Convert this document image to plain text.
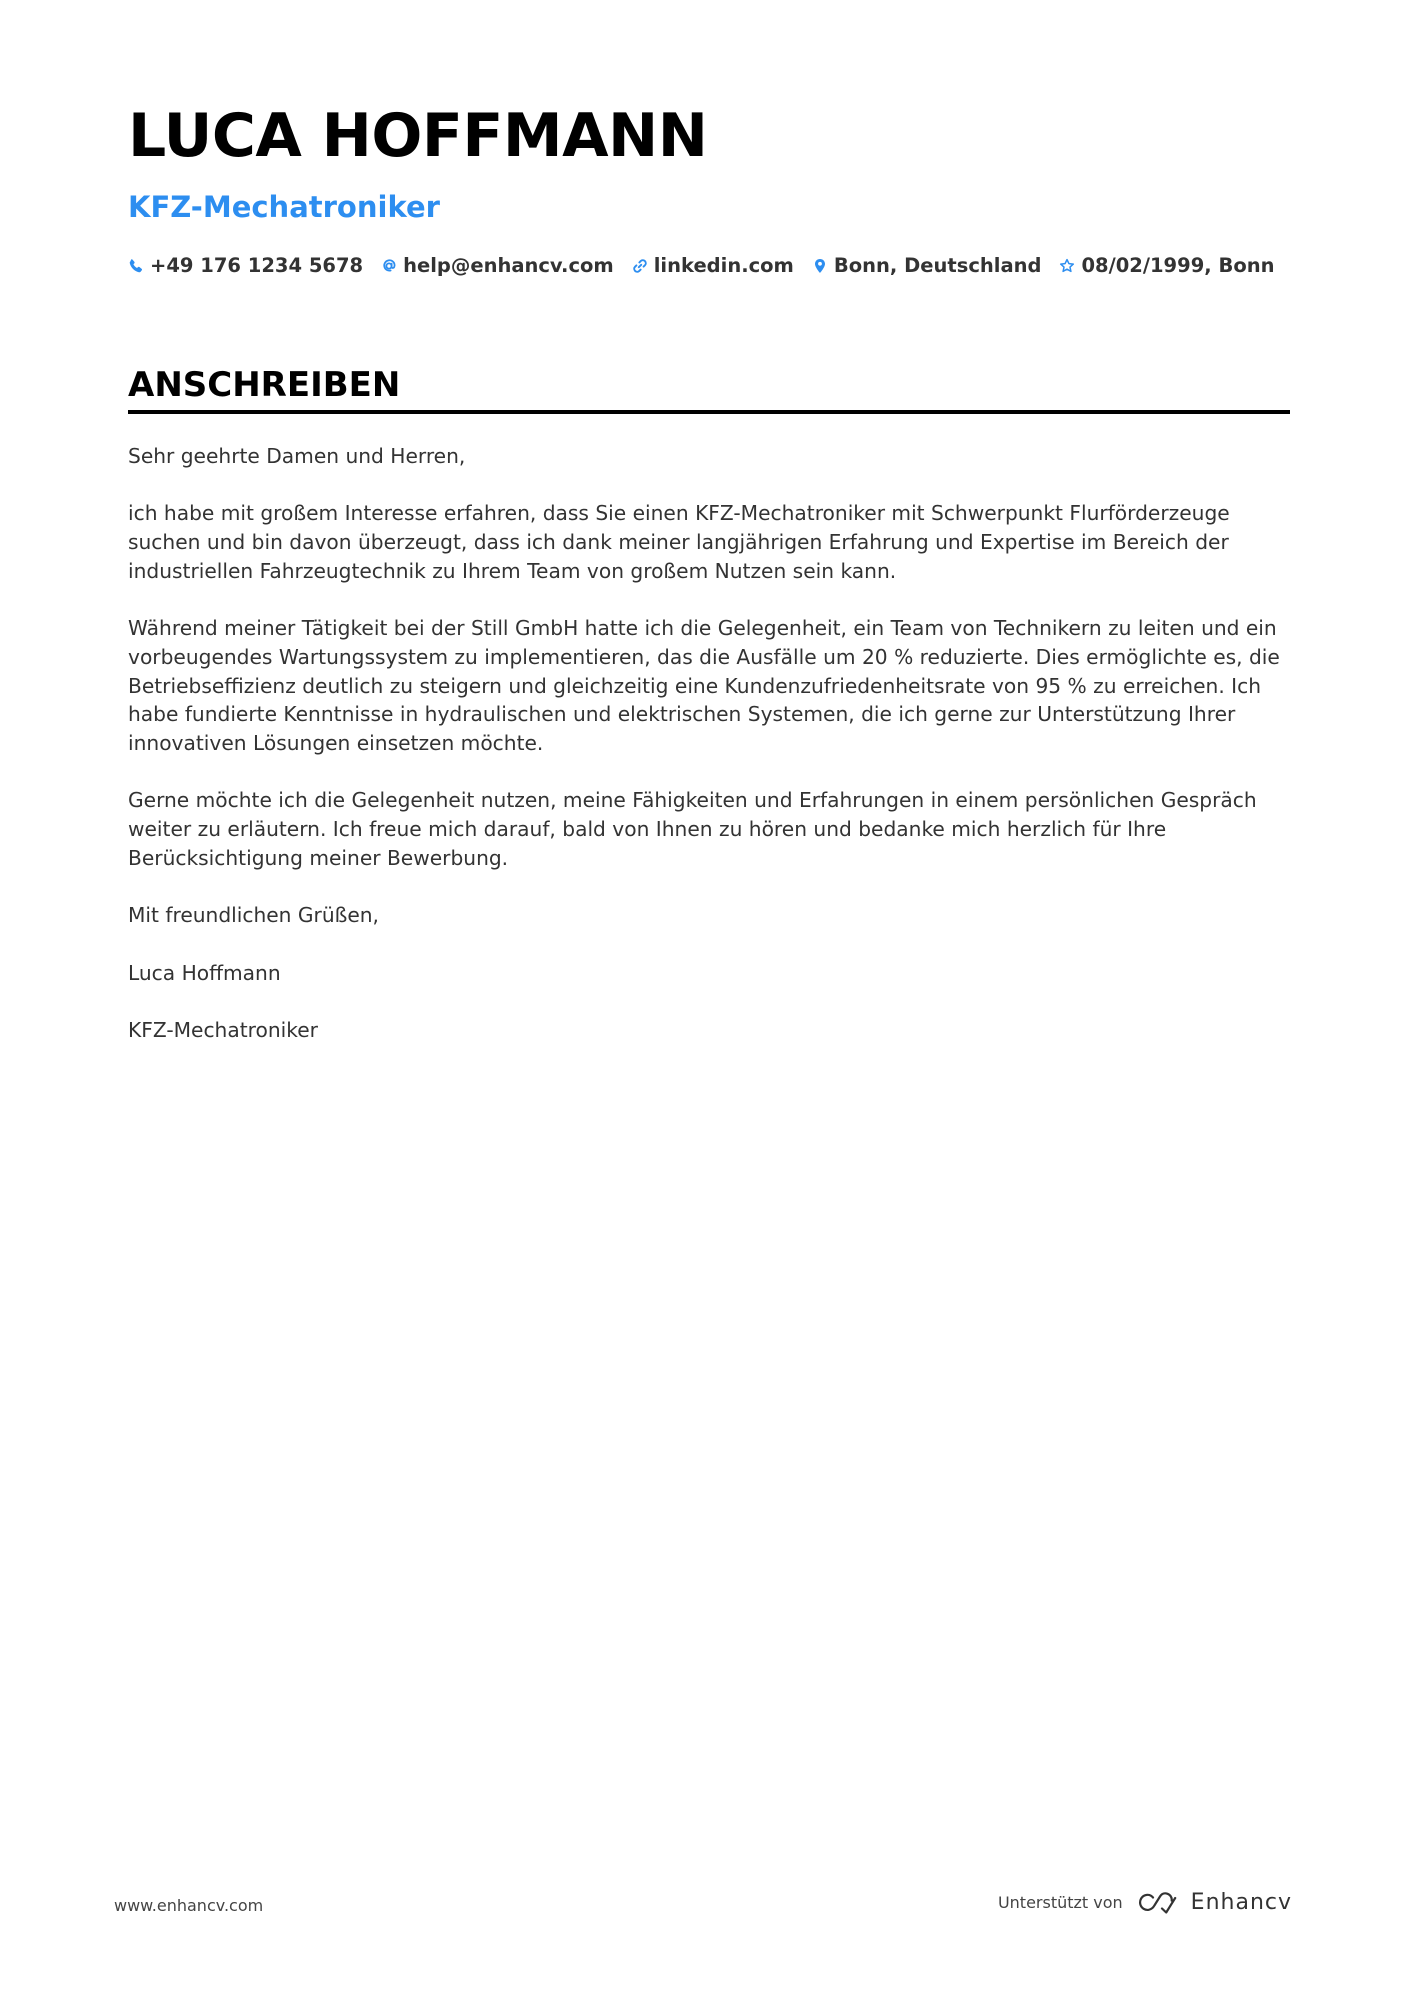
LUCA HOFFMANN
KFZ-Mechatroniker
+49 176 1234 5678 help@enhancv.com linkedin.com Bonn, Deutschland 08/02/1999, Bonn
ANSCHREIBEN

Sehr geehrte Damen und Herren,

ich habe mit großem Interesse erfahren, dass Sie einen KFZ-Mechatroniker mit Schwerpunkt Flurförderzeuge suchen und bin davon überzeugt, dass ich dank meiner langjährigen Erfahrung und Expertise im Bereich der industriellen Fahrzeugtechnik zu Ihrem Team von großem Nutzen sein kann.

Während meiner Tätigkeit bei der Still GmbH hatte ich die Gelegenheit, ein Team von Technikern zu leiten und ein vorbeugendes Wartungssystem zu implementieren, das die Ausfälle um 20 % reduzierte. Dies ermöglichte es, die Betriebseffizienz deutlich zu steigern und gleichzeitig eine Kundenzufriedenheitsrate von 95 % zu erreichen. Ich habe fundierte Kenntnisse in hydraulischen und elektrischen Systemen, die ich gerne zur Unterstützung Ihrer innovativen Lösungen einsetzen möchte.

Gerne möchte ich die Gelegenheit nutzen, meine Fähigkeiten und Erfahrungen in einem persönlichen Gespräch weiter zu erläutern. Ich freue mich darauf, bald von Ihnen zu hören und bedanke mich herzlich für Ihre Berücksichtigung meiner Bewerbung.

Mit freundlichen Grüßen,

Luca Hoffmann

KFZ-Mechatroniker

www.enhancv.com	Unterstützt von	Enhancv
